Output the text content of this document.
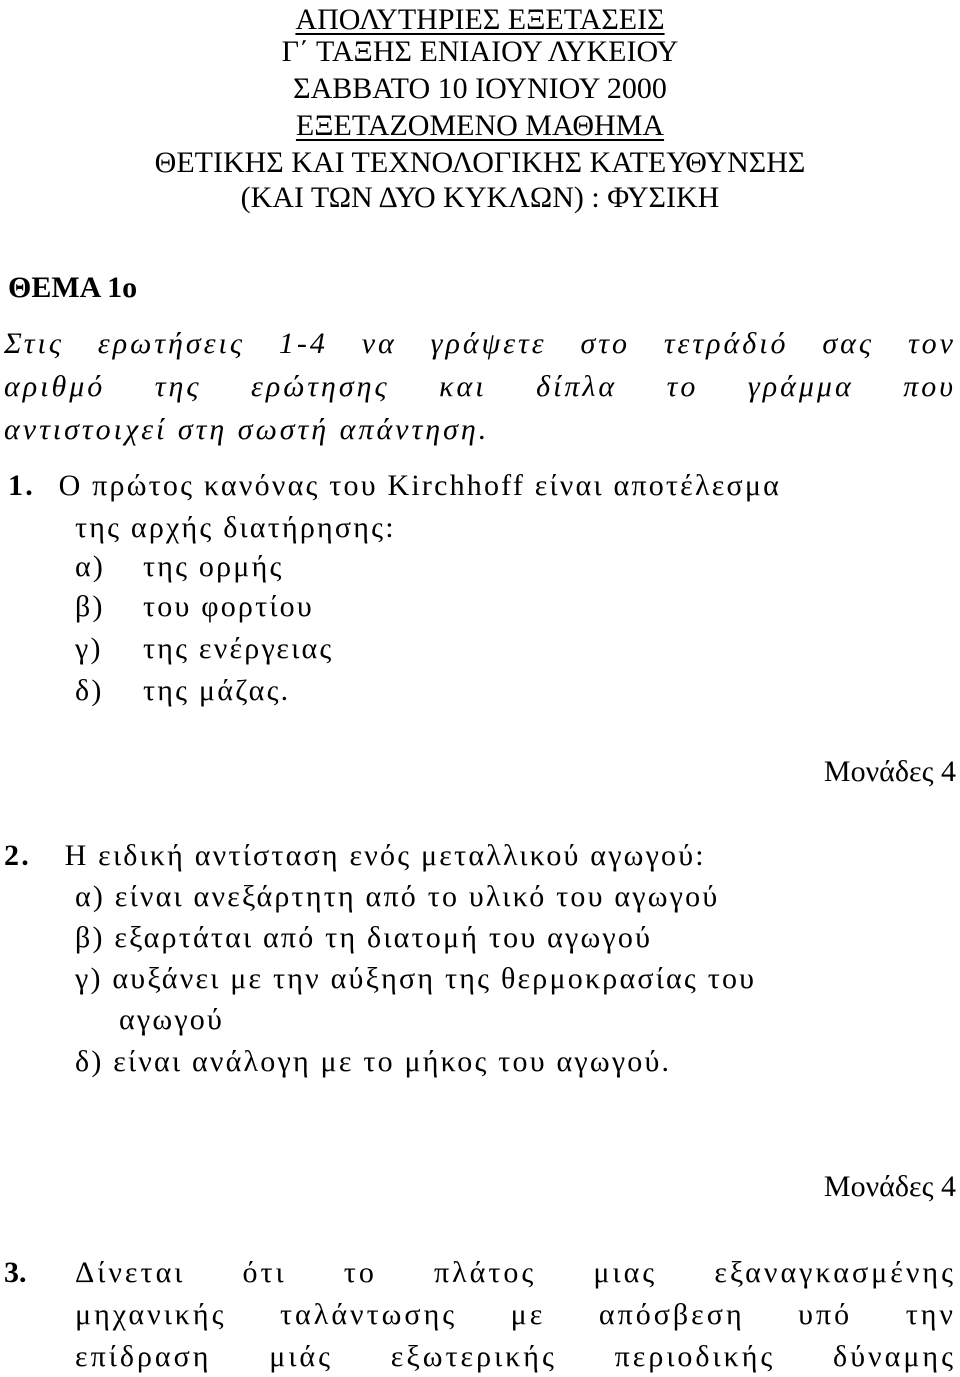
ΑΠΟΛΥΤΗΡΙΕΣ ΕΞΕΤΑΣΕΙΣ

Γ΄ ΤΑΞΗΣ ΕΝΙΑΙΟΥ ΛΥΚΕΙΟΥ

ΣΑΒΒΑΤΟ 10 ΙΟΥΝΙΟΥ 2000

ΕΞΕΤΑΖΟΜΕΝΟ ΜΑΘΗΜΑ

ΘΕΤΙΚΗΣ ΚΑΙ ΤΕΧΝΟΛΟΓΙΚΗΣ ΚΑΤΕΥΘΥΝΣΗΣ

(ΚΑΙ ΤΩΝ ΔΥΟ ΚΥΚΛΩΝ) : ΦΥΣΙΚΗ

ΘΕΜΑ 1ο

Στις ερωτήσεις 1-4 να γράψετε στο τετράδιό σας τον

αριθμό της ερώτησης και δίπλα το γράμμα που

αντιστοιχεί στη σωστή απάντηση.

1. Ο πρώτος κανόνας του Kirchhoff είναι αποτέλεσμα

της αρχής διατήρησης:

α) της ορμής

β) του φορτίου

γ) της ενέργειας

δ) της μάζας.

Μονάδες 4

2. Η ειδική αντίσταση ενός μεταλλικού αγωγού:

α) είναι ανεξάρτητη από το υλικό του αγωγού

β) εξαρτάται από τη διατομή του αγωγού

γ) αυξάνει με την αύξηση της θερμοκρασίας του

αγωγού

δ) είναι ανάλογη με το μήκος του αγωγού.

Μονάδες 4

3. Δίνεται ότι το πλάτος μιας εξαναγκασμένης

μηχανικής ταλάντωσης με απόσβεση υπό την

επίδραση μιάς εξωτερικής περιοδικής δύναμης
